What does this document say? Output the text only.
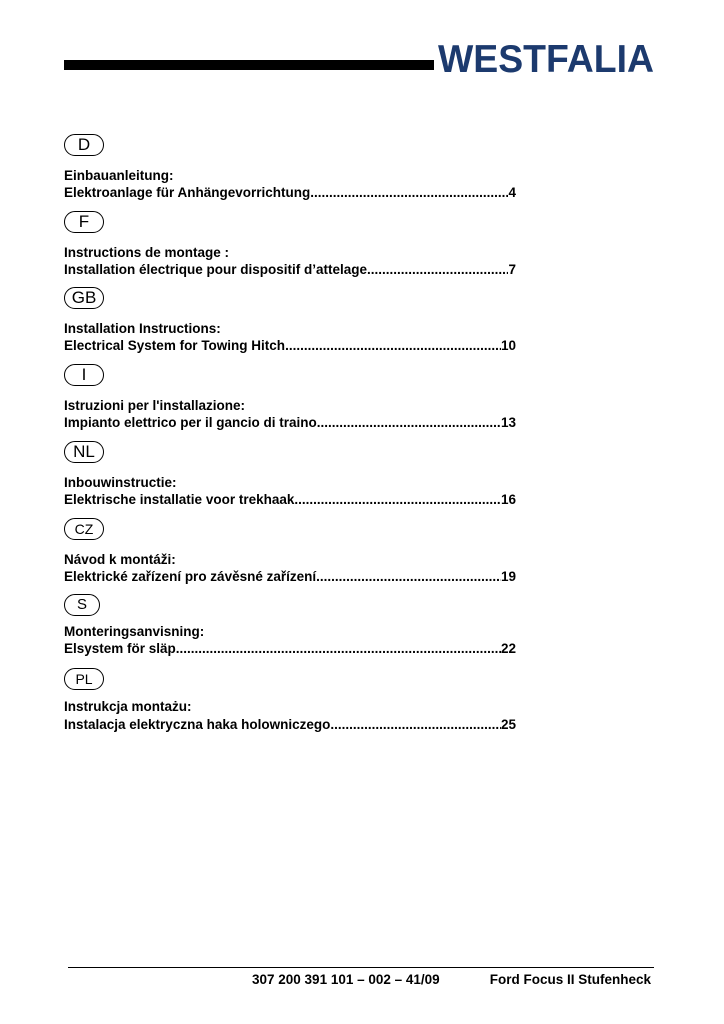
WESTFALIA
D
Einbauanleitung:
Elektroanlage für Anhängevorrichtung .....	4
F
Instructions de montage :
Installation électrique pour dispositif d’attelage .....	7
GB
Installation Instructions:
Electrical System for Towing Hitch .....	10
I
Istruzioni per l'installazione:
Impianto elettrico per il gancio di traino .....	13
NL
Inbouwinstructie:
Elektrische installatie voor trekhaak .....	16
CZ
Návod k montáži:
Elektrické zařízení pro závěsné zařízení .....	19
S
Monteringsanvisning:
Elsystem för släp .....	22
PL
Instrukcja montażu:
Instalacja elektryczna haka holowniczego .....	25
307 200 391 101 – 002 – 41/09	Ford Focus II Stufenheck
